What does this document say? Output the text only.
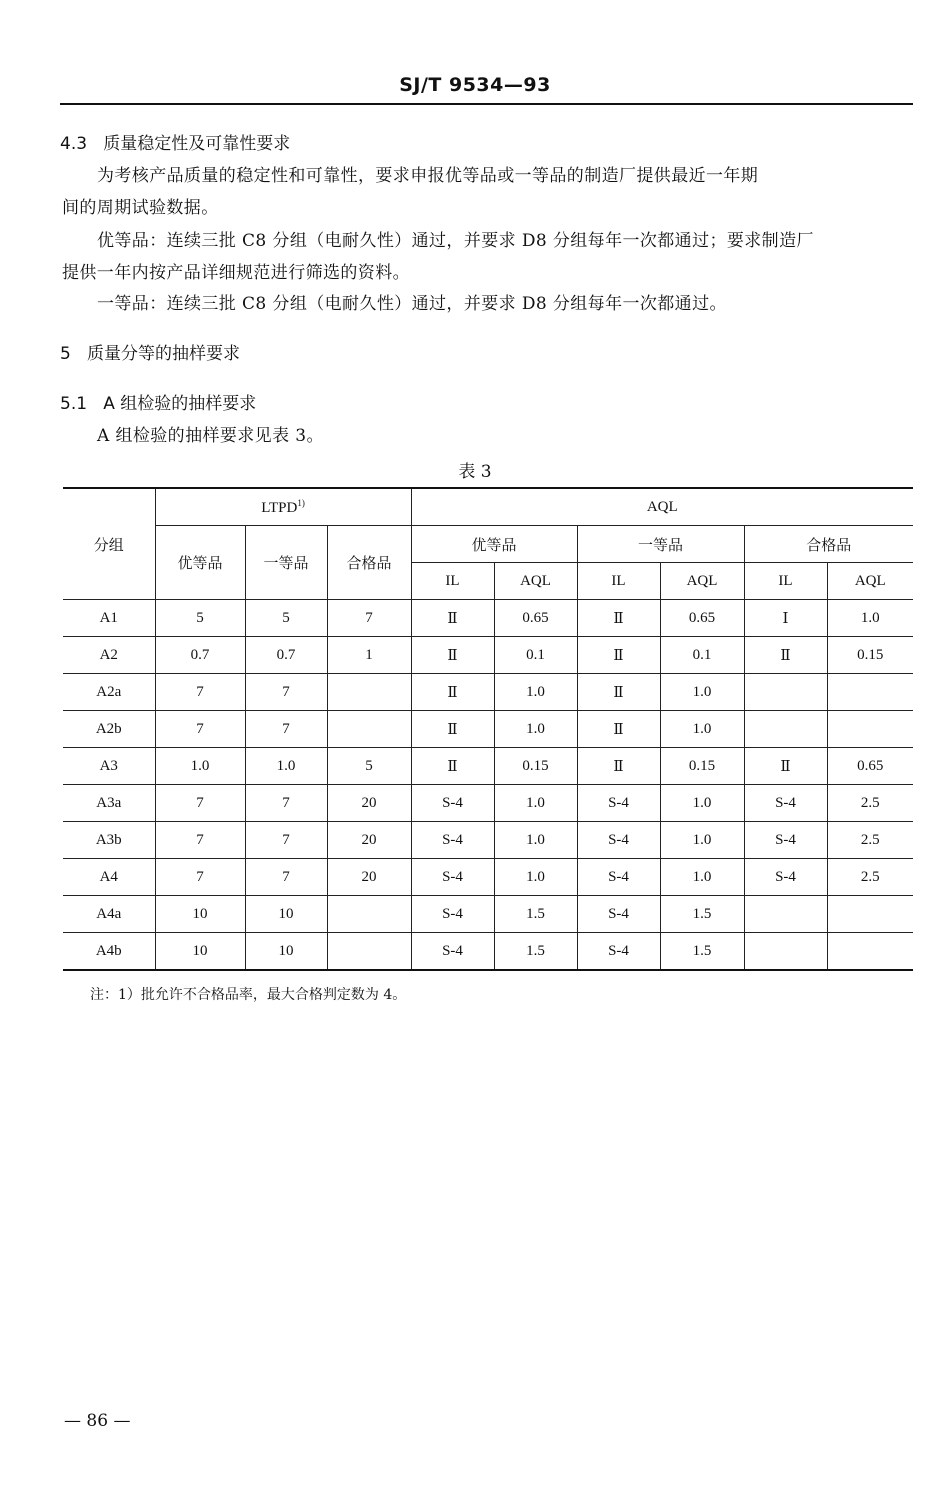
SJ/T 9534—93
4.3 质量稳定性及可靠性要求
为考核产品质量的稳定性和可靠性，要求申报优等品或一等品的制造厂提供最近一年期
间的周期试验数据。
优等品：连续三批 C8 分组（电耐久性）通过，并要求 D8 分组每年一次都通过；要求制造厂
提供一年内按产品详细规范进行筛选的资料。
一等品：连续三批 C8 分组（电耐久性）通过，并要求 D8 分组每年一次都通过。
5 质量分等的抽样要求
5.1 A 组检验的抽样要求
A 组检验的抽样要求见表 3。
表 3
分组	LTPD$^{1)}$			AQL					
	优等品	一等品	合格品	优等品		一等品		合格品	
				IL	AQL	IL	AQL	IL	AQL
A1	5	5	7	Ⅱ	0.65	Ⅱ	0.65	Ⅰ	1.0
A2	0.7	0.7	1	Ⅱ	0.1	Ⅱ	0.1	Ⅱ	0.15
A2a	7	7		Ⅱ	1.0	Ⅱ	1.0		
A2b	7	7		Ⅱ	1.0	Ⅱ	1.0		
A3	1.0	1.0	5	Ⅱ	0.15	Ⅱ	0.15	Ⅱ	0.65
A3a	7	7	20	S-4	1.0	S-4	1.0	S-4	2.5
A3b	7	7	20	S-4	1.0	S-4	1.0	S-4	2.5
A4	7	7	20	S-4	1.0	S-4	1.0	S-4	2.5
A4a	10	10		S-4	1.5	S-4	1.5		
A4b	10	10		S-4	1.5	S-4	1.5		
注：1）批允许不合格品率，最大合格判定数为 4。
— 86 —
